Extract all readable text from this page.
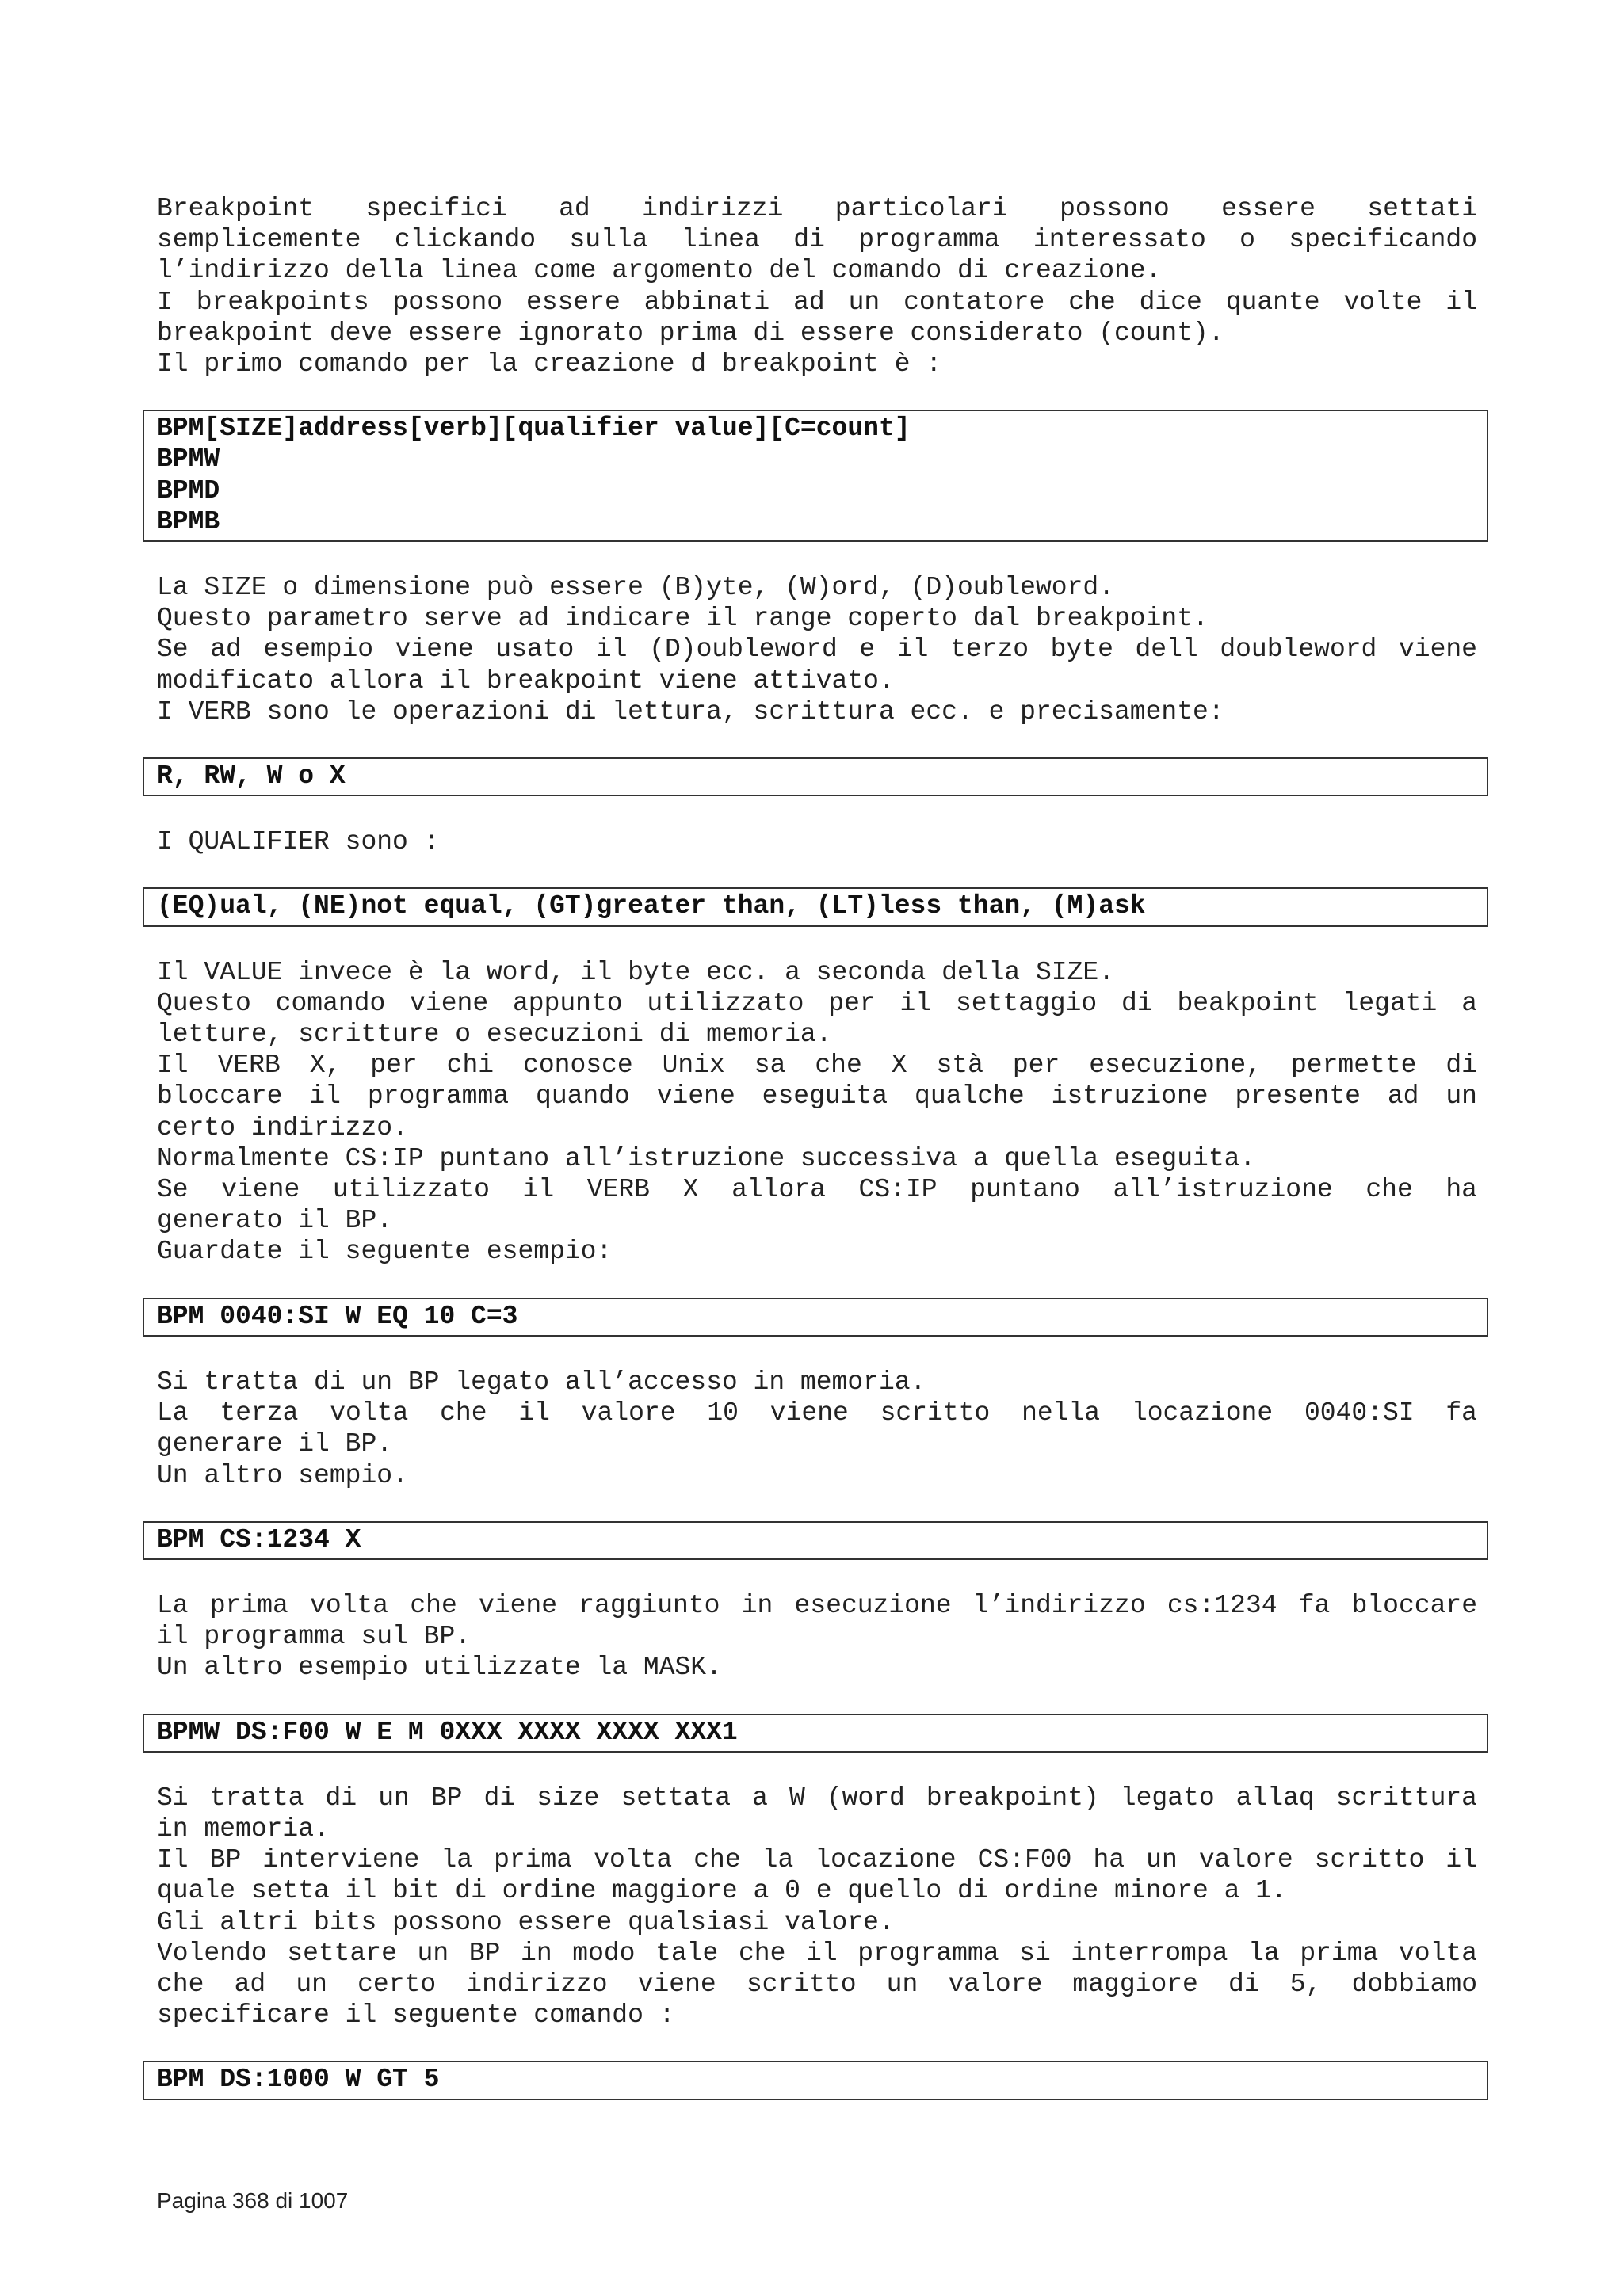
Breakpoint specifici ad indirizzi particolari possono essere settati
semplicemente clickando sulla linea di programma interessato o specificando
l’indirizzo della linea come argomento del comando di creazione.
I breakpoints possono essere abbinati ad un contatore che dice quante volte il
breakpoint deve essere ignorato prima di essere considerato (count).
Il primo comando per la creazione d breakpoint è :
BPM[SIZE]address[verb][qualifier value][C=count]
BPMW
BPMD
BPMB
La SIZE o dimensione può essere (B)yte, (W)ord, (D)oubleword.
Questo parametro serve ad indicare il range coperto dal breakpoint.
Se ad esempio viene usato il (D)oubleword e il terzo byte dell doubleword viene
modificato allora il breakpoint viene attivato.
I VERB sono le operazioni di lettura, scrittura ecc. e precisamente:
R, RW, W o X
I QUALIFIER sono :
(EQ)ual, (NE)not equal, (GT)greater than, (LT)less than, (M)ask
Il VALUE invece è la word, il byte ecc. a seconda della SIZE.
Questo comando viene appunto utilizzato per il settaggio di beakpoint legati a
letture, scritture o esecuzioni di memoria.
Il VERB X, per chi conosce Unix sa che X stà per esecuzione, permette di
bloccare il programma quando viene eseguita qualche istruzione presente ad un
certo indirizzo.
Normalmente CS:IP puntano all’istruzione successiva a quella eseguita.
Se viene utilizzato il VERB X allora CS:IP puntano all’istruzione che ha
generato il BP.
Guardate il seguente esempio:
BPM 0040:SI W EQ 10 C=3
Si tratta di un BP legato all’accesso in memoria.
La terza volta che il valore 10 viene scritto nella locazione 0040:SI fa
generare il BP.
Un altro sempio.
BPM CS:1234 X
La prima volta che viene raggiunto in esecuzione l’indirizzo cs:1234 fa bloccare
il programma sul BP.
Un altro esempio utilizzate la MASK.
BPMW DS:F00 W E M 0XXX XXXX XXXX XXX1
Si tratta di un BP di size settata a W (word breakpoint) legato allaq scrittura
in memoria.
Il BP interviene la prima volta che la locazione CS:F00 ha un valore scritto il
quale setta il bit di ordine maggiore a 0 e quello di ordine minore a 1.
Gli altri bits possono essere qualsiasi valore.
Volendo settare un BP in modo tale che il programma si interrompa la prima volta
che ad un certo indirizzo viene scritto un valore maggiore di 5, dobbiamo
specificare il seguente comando :
BPM DS:1000 W GT 5
Pagina 368 di 1007
